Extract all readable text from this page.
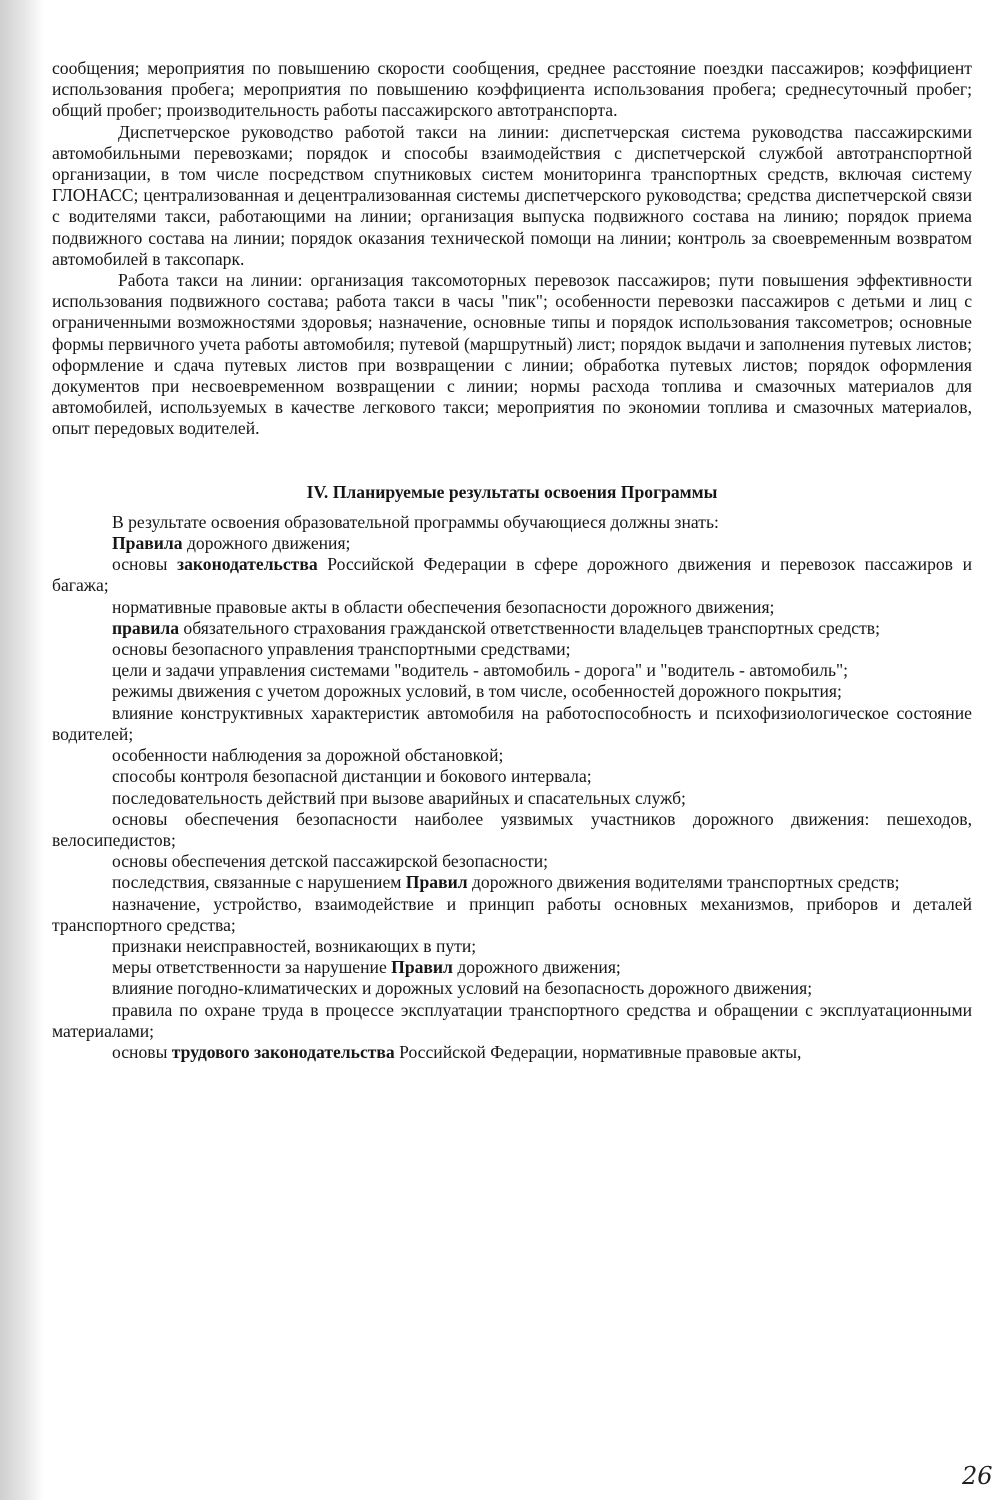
сообщения; мероприятия по повышению скорости сообщения, среднее расстояние поездки пассажиров; коэффициент использования пробега; мероприятия по повышению коэффициента использования пробега; среднесуточный пробег; общий пробег; производительность работы пассажирского автотранспорта.

Диспетчерское руководство работой такси на линии: диспетчерская система руководства пассажирскими автомобильными перевозками; порядок и способы взаимодействия с диспетчерской службой автотранспортной организации, в том числе посредством спутниковых систем мониторинга транспортных средств, включая систему ГЛОНАСС; централизованная и децентрализованная системы диспетчерского руководства; средства диспетчерской связи с водителями такси, работающими на линии; организация выпуска подвижного состава на линию; порядок приема подвижного состава на линии; порядок оказания технической помощи на линии; контроль за своевременным возвратом автомобилей в таксопарк.

Работа такси на линии: организация таксомоторных перевозок пассажиров; пути повышения эффективности использования подвижного состава; работа такси в часы "пик"; особенности перевозки пассажиров с детьми и лиц с ограниченными возможностями здоровья; назначение, основные типы и порядок использования таксометров; основные формы первичного учета работы автомобиля; путевой (маршрутный) лист; порядок выдачи и заполнения путевых листов; оформление и сдача путевых листов при возвращении с линии; обработка путевых листов; порядок оформления документов при несвоевременном возвращении с линии; нормы расхода топлива и смазочных материалов для автомобилей, используемых в качестве легкового такси; мероприятия по экономии топлива и смазочных материалов, опыт передовых водителей.

IV. Планируемые результаты освоения Программы

В результате освоения образовательной программы обучающиеся должны знать:

Правила дорожного движения;

основы законодательства Российской Федерации в сфере дорожного движения и перевозок пассажиров и багажа;

нормативные правовые акты в области обеспечения безопасности дорожного движения;

правила обязательного страхования гражданской ответственности владельцев транспортных средств;

основы безопасного управления транспортными средствами;

цели и задачи управления системами "водитель - автомобиль - дорога" и "водитель - автомобиль";

режимы движения с учетом дорожных условий, в том числе, особенностей дорожного покрытия;

влияние конструктивных характеристик автомобиля на работоспособность и психофизиологическое состояние водителей;

особенности наблюдения за дорожной обстановкой;

способы контроля безопасной дистанции и бокового интервала;

последовательность действий при вызове аварийных и спасательных служб;

основы обеспечения безопасности наиболее уязвимых участников дорожного движения: пешеходов, велосипедистов;

основы обеспечения детской пассажирской безопасности;

последствия, связанные с нарушением Правил дорожного движения водителями транспортных средств;

назначение, устройство, взаимодействие и принцип работы основных механизмов, приборов и деталей транспортного средства;

признаки неисправностей, возникающих в пути;

меры ответственности за нарушение Правил дорожного движения;

влияние погодно-климатических и дорожных условий на безопасность дорожного движения;

правила по охране труда в процессе эксплуатации транспортного средства и обращении с эксплуатационными материалами;

основы трудового законодательства Российской Федерации, нормативные правовые акты,

26
